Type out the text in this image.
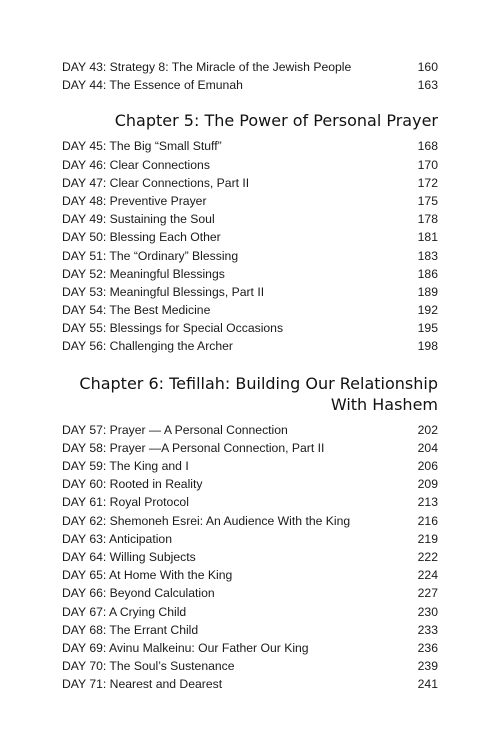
DAY 43: Strategy 8: The Miracle of the Jewish People	160
DAY 44: The Essence of Emunah	163
Chapter 5: The Power of Personal Prayer
DAY 45: The Big “Small Stuff”	168
DAY 46: Clear Connections	170
DAY 47: Clear Connections, Part II	172
DAY 48: Preventive Prayer	175
DAY 49: Sustaining the Soul	178
DAY 50: Blessing Each Other	181
DAY 51: The “Ordinary” Blessing	183
DAY 52: Meaningful Blessings	186
DAY 53: Meaningful Blessings, Part II	189
DAY 54: The Best Medicine	192
DAY 55: Blessings for Special Occasions	195
DAY 56: Challenging the Archer	198
Chapter 6: Tefillah: Building Our Relationship
With Hashem
DAY 57: Prayer — A Personal Connection	202
DAY 58: Prayer —A Personal Connection, Part II	204
DAY 59: The King and I	206
DAY 60: Rooted in Reality	209
DAY 61: Royal Protocol	213
DAY 62: Shemoneh Esrei: An Audience With the King	216
DAY 63: Anticipation	219
DAY 64: Willing Subjects	222
DAY 65: At Home With the King	224
DAY 66: Beyond Calculation	227
DAY 67: A Crying Child	230
DAY 68: The Errant Child	233
DAY 69: Avinu Malkeinu: Our Father Our King	236
DAY 70: The Soul’s Sustenance	239
DAY 71: Nearest and Dearest	241
